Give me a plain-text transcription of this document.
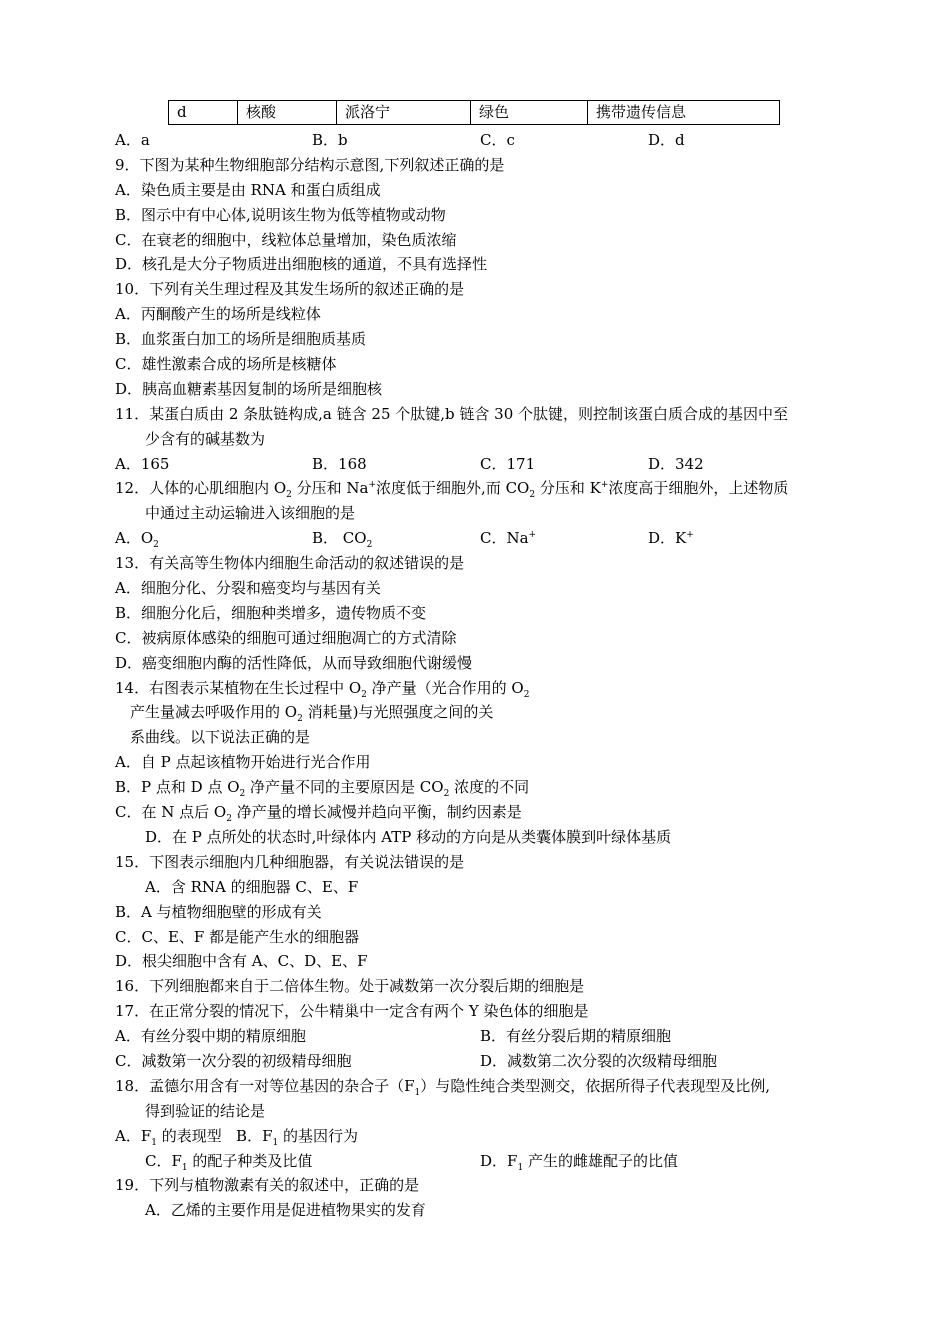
d	核酸	派洛宁	绿色	携带遗传信息
A．a	B．b	C．c	D．d
9．下图为某种生物细胞部分结构示意图,下列叙述正确的是
A．染色质主要是由 RNA 和蛋白质组成
B．图示中有中心体,说明该生物为低等植物或动物
C．在衰老的细胞中，线粒体总量增加，染色质浓缩
D．核孔是大分子物质进出细胞核的通道，不具有选择性
10．下列有关生理过程及其发生场所的叙述正确的是
A．丙酮酸产生的场所是线粒体
B．血浆蛋白加工的场所是细胞质基质
C．雄性激素合成的场所是核糖体
D．胰高血糖素基因复制的场所是细胞核
11．某蛋白质由 2 条肽链构成,a 链含 25 个肽键,b 链含 30 个肽键，则控制该蛋白质合成的基因中至
少含有的碱基数为
A．165	B．168	C．171	D．342
12．人体的心肌细胞内 $O_2$ 分压和 Na+浓度低于细胞外,而 $CO_2$ 分压和 K+浓度高于细胞外，上述物质
中通过主动运输进入该细胞的是
A．$O_2$	B． $CO_2$	C．Na+	D．K+
13．有关高等生物体内细胞生命活动的叙述错误的是
A．细胞分化、分裂和癌变均与基因有关
B．细胞分化后，细胞种类增多，遗传物质不变
C．被病原体感染的细胞可通过细胞凋亡的方式清除
D．癌变细胞内酶的活性降低，从而导致细胞代谢缓慢
14．右图表示某植物在生长过程中 $O_2$ 净产量（光合作用的 $O_2$
产生量减去呼吸作用的 $O_2$ 消耗量)与光照强度之间的关
系曲线。以下说法正确的是
A．自 P 点起该植物开始进行光合作用
B．P 点和 D 点 $O_2$ 净产量不同的主要原因是 $CO_2$ 浓度的不同
C．在 N 点后 $O_2$ 净产量的增长减慢并趋向平衡，制约因素是
D．在 P 点所处的状态时,叶绿体内 ATP 移动的方向是从类囊体膜到叶绿体基质
15．下图表示细胞内几种细胞器，有关说法错误的是
A．含 RNA 的细胞器 C、E、F
B．A 与植物细胞壁的形成有关
C．C、E、F 都是能产生水的细胞器
D．根尖细胞中含有 A、C、D、E、F
16．下列细胞都来自于二倍体生物。处于减数第一次分裂后期的细胞是
17．在正常分裂的情况下，公牛精巢中一定含有两个 Y 染色体的细胞是
A．有丝分裂中期的精原细胞	B．有丝分裂后期的精原细胞
C．减数第一次分裂的初级精母细胞	D．减数第二次分裂的次级精母细胞
18．孟德尔用含有一对等位基因的杂合子$(F_1)$与隐性纯合类型测交，依据所得子代表现型及比例,
得到验证的结论是
A．$F_1$ 的表现型   B．$F_1$ 的基因行为
C．$F_1$ 的配子种类及比值	D．$F_1$ 产生的雌雄配子的比值
19．下列与植物激素有关的叙述中，正确的是
A．乙烯的主要作用是促进植物果实的发育
